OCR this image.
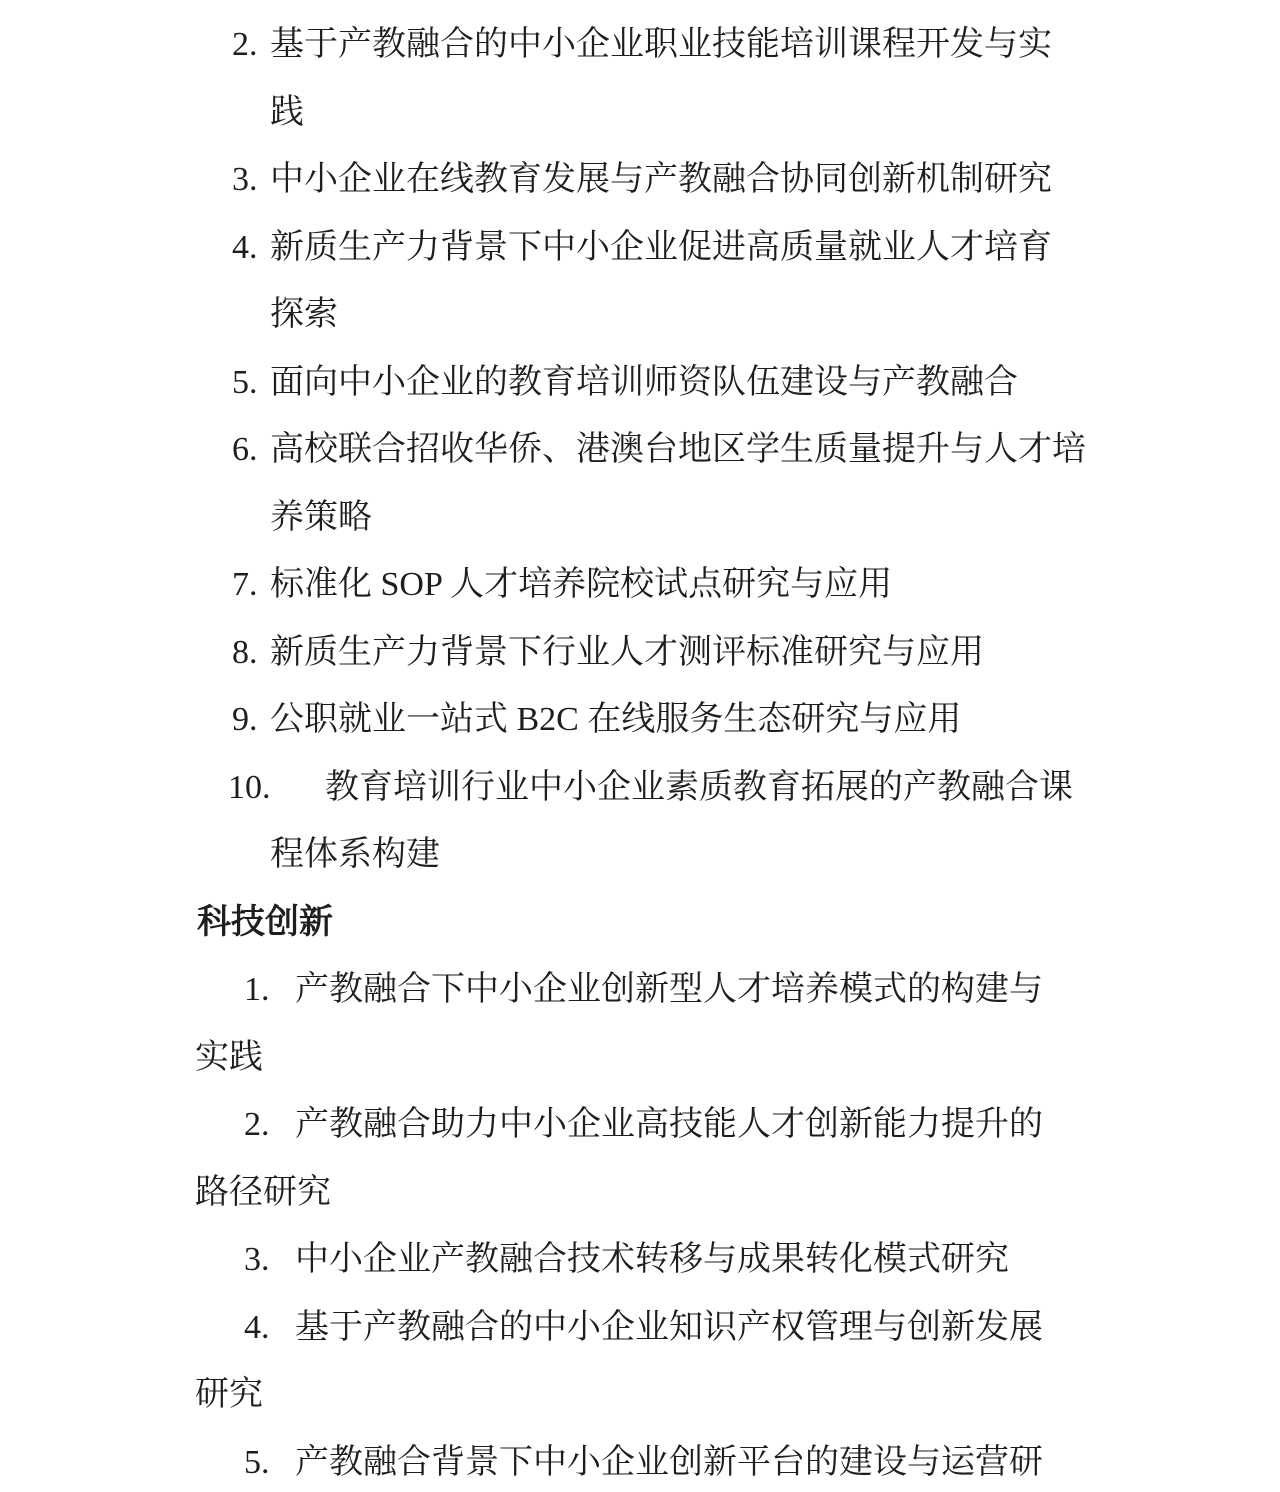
2. 基于产教融合的中小企业职业技能培训课程开发与实
践
3. 中小企业在线教育发展与产教融合协同创新机制研究
4. 新质生产力背景下中小企业促进高质量就业人才培育
探索
5. 面向中小企业的教育培训师资队伍建设与产教融合
6. 高校联合招收华侨、港澳台地区学生质量提升与人才培
养策略
7. 标准化 SOP 人才培养院校试点研究与应用
8. 新质生产力背景下行业人才测评标准研究与应用
9. 公职就业一站式 B2C 在线服务生态研究与应用
10. 教育培训行业中小企业素质教育拓展的产教融合课
程体系构建
科技创新
1. 产教融合下中小企业创新型人才培养模式的构建与
实践
2. 产教融合助力中小企业高技能人才创新能力提升的
路径研究
3. 中小企业产教融合技术转移与成果转化模式研究
4. 基于产教融合的中小企业知识产权管理与创新发展
研究
5. 产教融合背景下中小企业创新平台的建设与运营研
